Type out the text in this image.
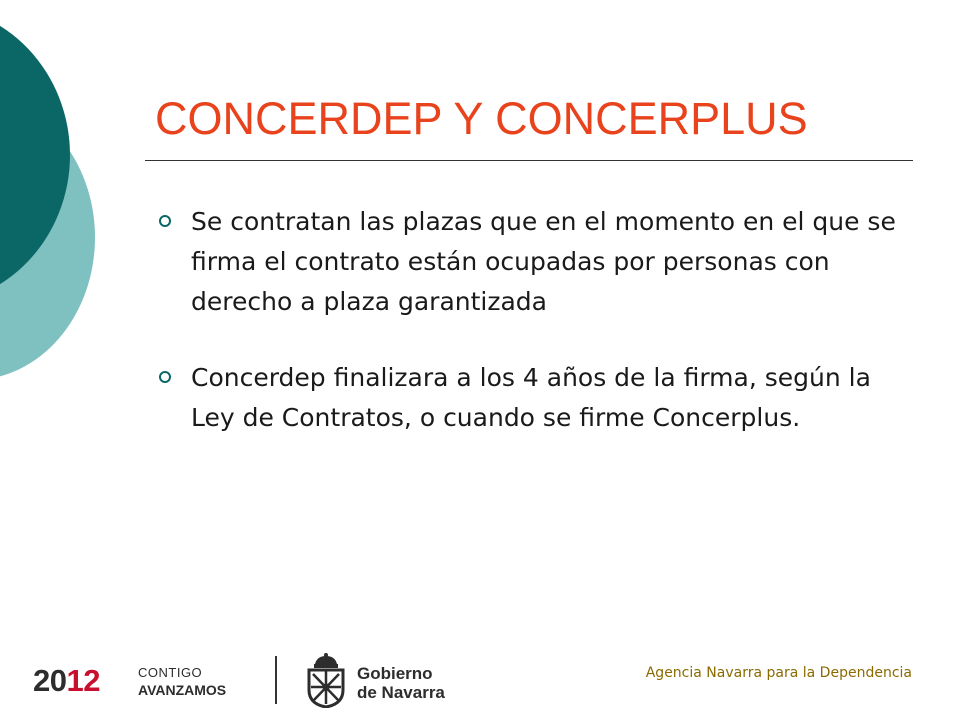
CONCERDEP Y CONCERPLUS
Se contratan las plazas que en el momento en el que se firma el contrato están ocupadas por personas con derecho a plaza garantizada
Concerdep finalizara a los 4 años de la firma, según la Ley de Contratos, o cuando se firme Concerplus.
2012	CONTIGO
AVANZAMOS
Gobierno
de Navarra
Agencia Navarra para la Dependencia
